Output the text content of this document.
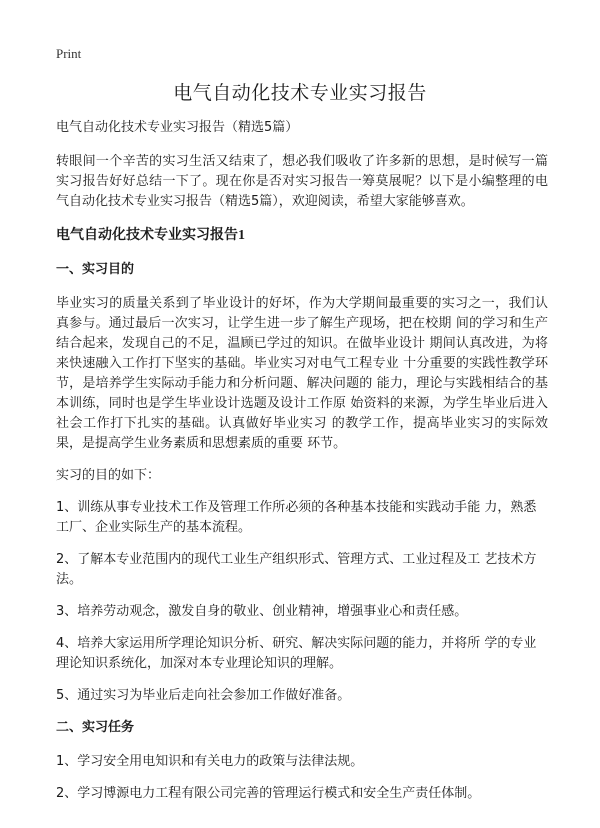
Print
电气自动化技术专业实习报告

电气自动化技术专业实习报告（精选5篇）

转眼间一个辛苦的实习生活又结束了，想必我们吸收了许多新的思想，是时候写一篇实习报告好好总结一下了。现在你是否对实习报告一筹莫展呢？以下是小编整理的电气自动化技术专业实习报告（精选5篇），欢迎阅读，希望大家能够喜欢。

电气自动化技术专业实习报告1

一、实习目的

毕业实习的质量关系到了毕业设计的好坏，作为大学期间最重要的实习之一，我们认真参与。通过最后一次实习，让学生进一步了解生产现场，把在校期 间的学习和生产结合起来，发现自己的不足，温顾已学过的知识。在做毕业设计 期间认真改进，为将来快速融入工作打下坚实的基础。毕业实习对电气工程专业 十分重要的实践性教学环节，是培养学生实际动手能力和分析问题、解决问题的 能力，理论与实践相结合的基本训练，同时也是学生毕业设计选题及设计工作原 始资料的来源，为学生毕业后进入社会工作打下扎实的基础。认真做好毕业实习 的教学工作，提高毕业实习的实际效果，是提高学生业务素质和思想素质的重要 环节。

实习的目的如下：

1、训练从事专业技术工作及管理工作所必须的各种基本技能和实践动手能 力，熟悉工厂、企业实际生产的基本流程。

2、了解本专业范围内的现代工业生产组织形式、管理方式、工业过程及工 艺技术方法。

3、培养劳动观念，激发自身的敬业、创业精神，增强事业心和责任感。

4、培养大家运用所学理论知识分析、研究、解决实际问题的能力，并将所 学的专业理论知识系统化，加深对本专业理论知识的理解。

5、通过实习为毕业后走向社会参加工作做好准备。

二、实习任务

1、学习安全用电知识和有关电力的政策与法律法规。

2、学习博源电力工程有限公司完善的管理运行模式和安全生产责任体制。
